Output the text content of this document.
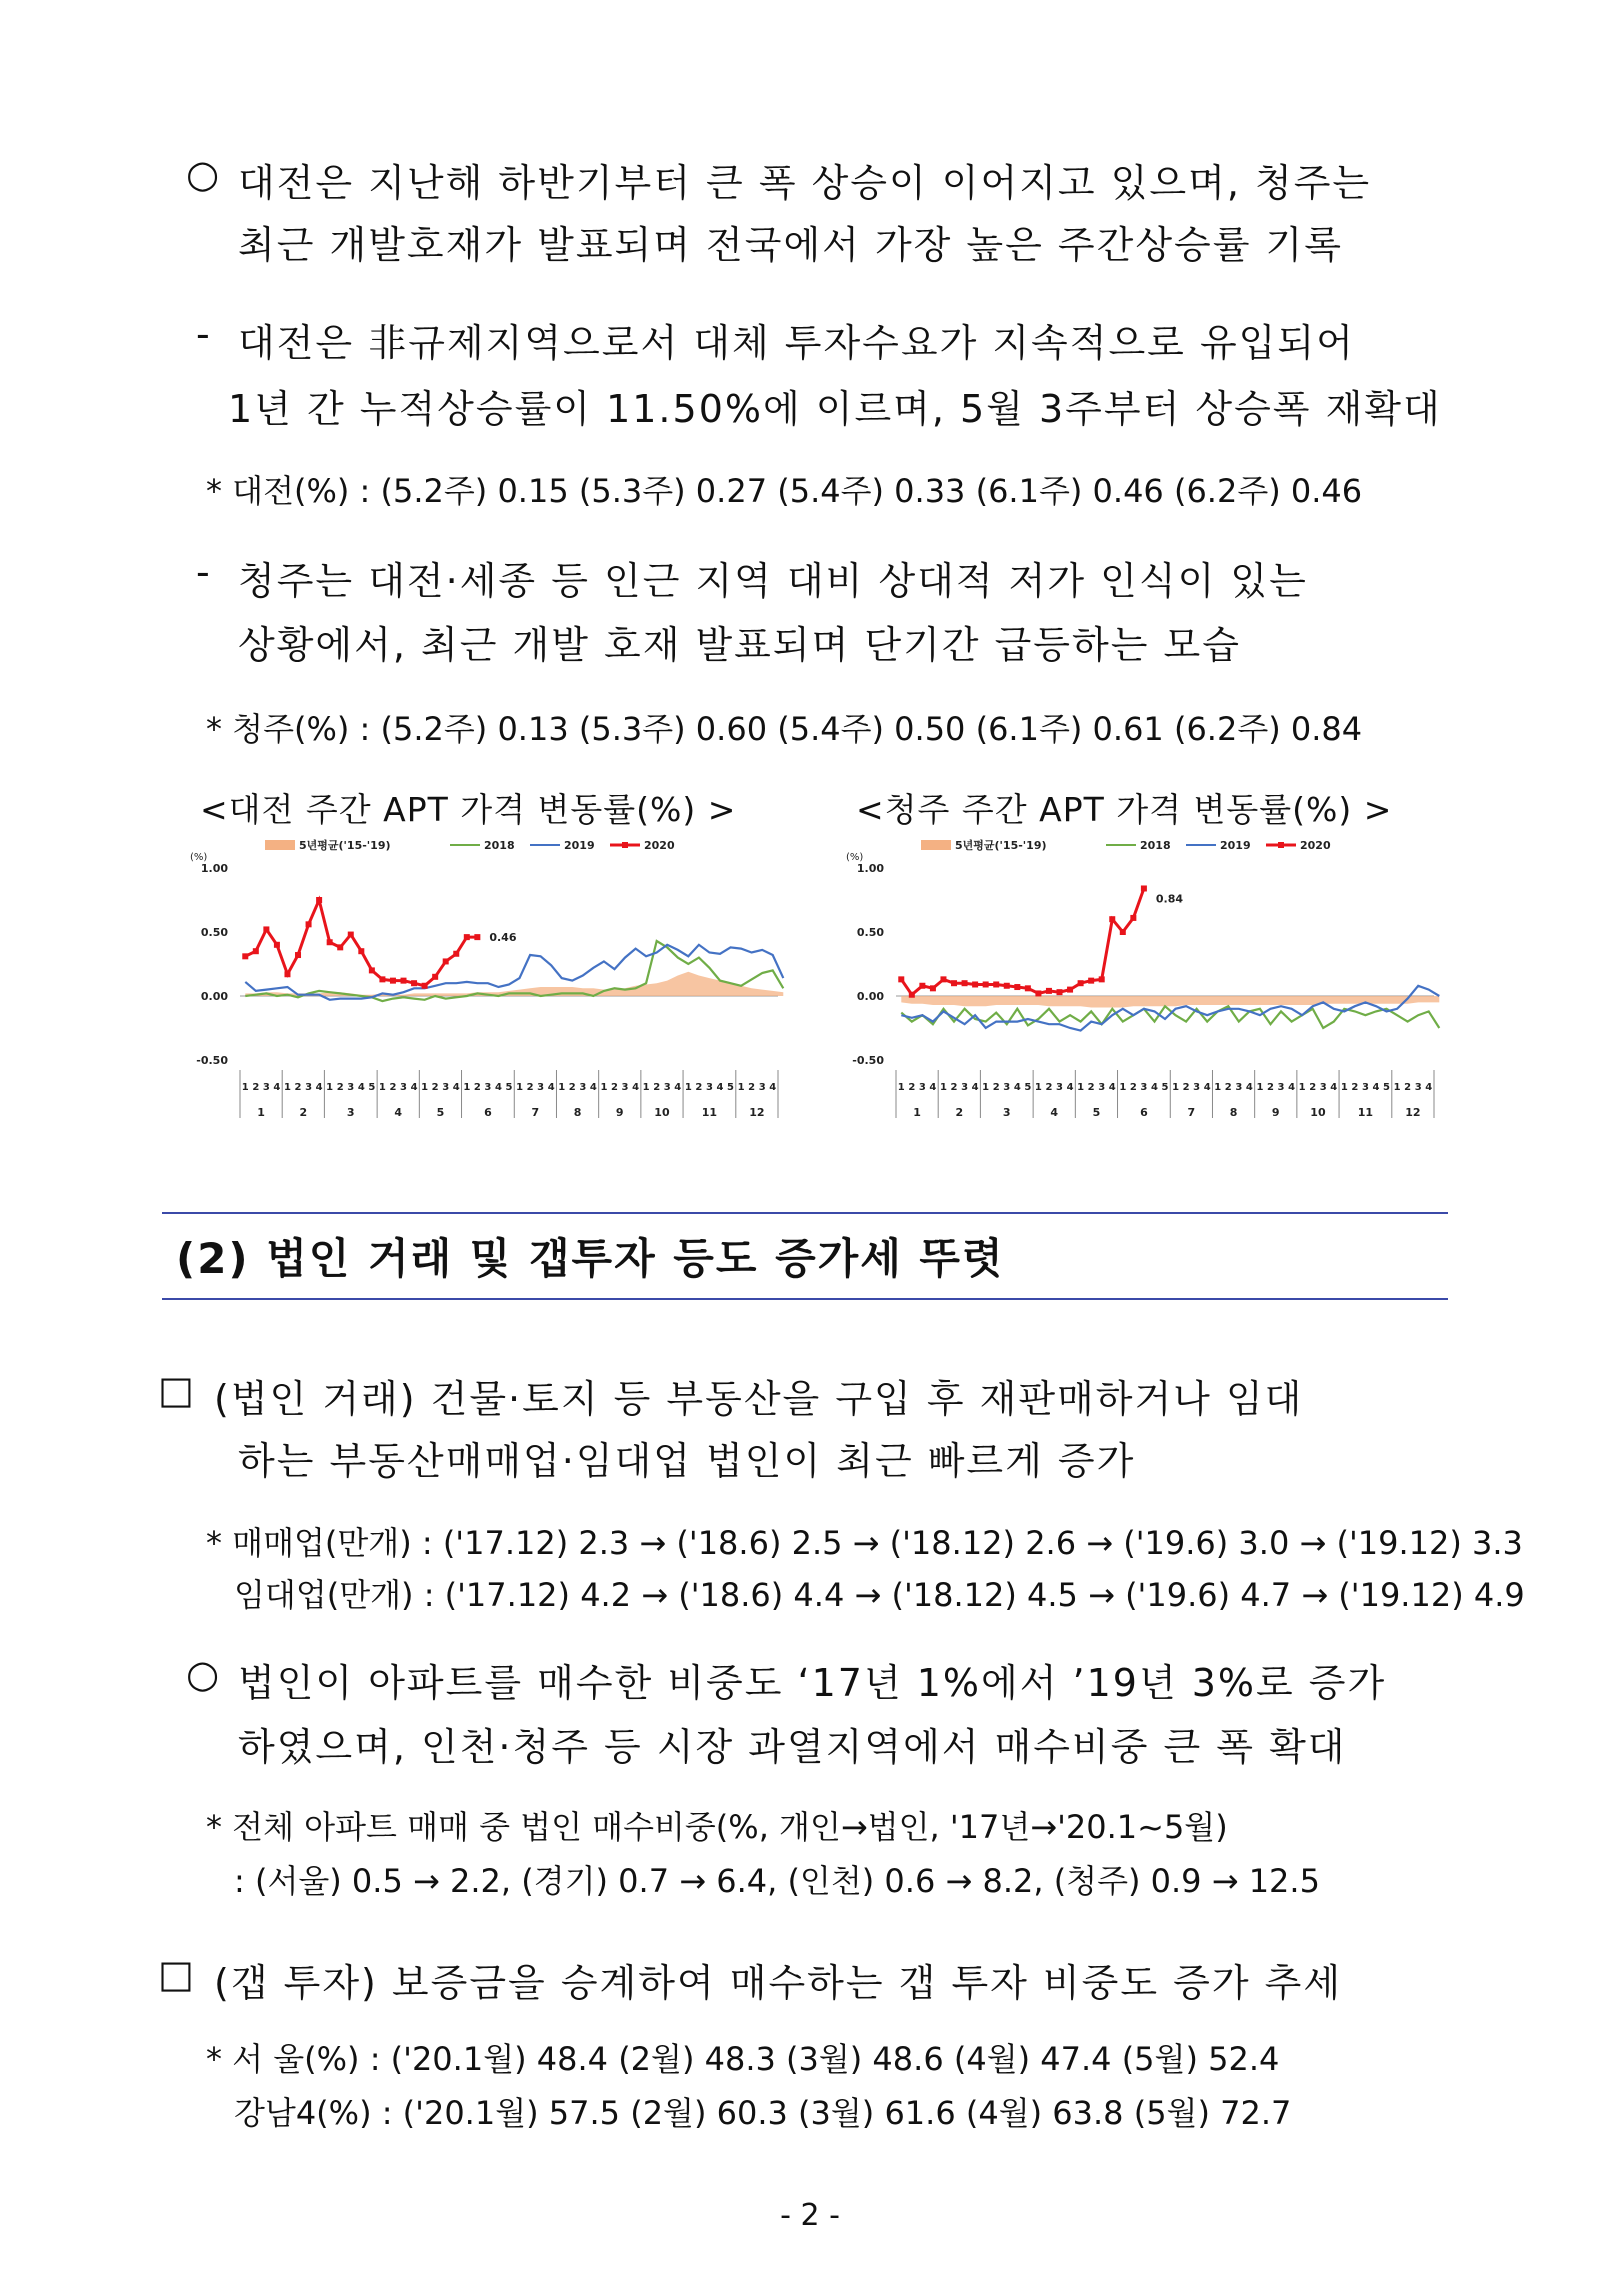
○ 대전은 지난해 하반기부터 큰 폭 상승이 이어지고 있으며, 청주는
최근 개발호재가 발표되며 전국에서 가장 높은 주간상승률 기록
- 대전은 非규제지역으로서 대체 투자수요가 지속적으로 유입되어
1년 간 누적상승률이 11.50%에 이르며, 5월 3주부터 상승폭 재확대
* 대전(%) : (5.2주) 0.15 (5.3주) 0.27 (5.4주) 0.33 (6.1주) 0.46 (6.2주) 0.46
- 청주는 대전·세종 등 인근 지역 대비 상대적 저가 인식이 있는
상황에서, 최근 개발 호재 발표되며 단기간 급등하는 모습
* 청주(%) : (5.2주) 0.13 (5.3주) 0.60 (5.4주) 0.50 (6.1주) 0.61 (6.2주) 0.84
<대전 주간 APT 가격 변동률(%) >	<청주 주간 APT 가격 변동률(%) >
1.00
0.50
0.00
-0.50
(%)
0.46
5년평균('15-'19)	2018	2019	2020
1 2 3 4
1
1 2 3 4
2
1 2 3 4 5
3
1 2 3 4
4
1 2 3 4
5
1 2 3 4 5
6
1 2 3 4
7
1 2 3 4
8
1 2 3 4
9
1 2 3 4
10
1 2 3 4 5
11
1 2 3 4
12
1.00
0.50
0.00
-0.50
(%)
0.84
5년평균('15-'19)	2018	2019	2020
1 2 3 4
1
1 2 3 4
2
1 2 3 4 5
3
1 2 3 4
4
1 2 3 4
5
1 2 3 4 5
6
1 2 3 4
7
1 2 3 4
8
1 2 3 4
9
1 2 3 4
10
1 2 3 4 5
11
1 2 3 4
12
(2) 법인 거래 및 갭투자 등도 증가세 뚜렷
□ (법인 거래) 건물·토지 등 부동산을 구입 후 재판매하거나 임대
하는 부동산매매업·임대업 법인이 최근 빠르게 증가
* 매매업(만개) : ('17.12) 2.3 → ('18.6) 2.5 → ('18.12) 2.6 → ('19.6) 3.0 → ('19.12) 3.3
임대업(만개) : ('17.12) 4.2 → ('18.6) 4.4 → ('18.12) 4.5 → ('19.6) 4.7 → ('19.12) 4.9
○ 법인이 아파트를 매수한 비중도 ‘17년 1%에서 ’19년 3%로 증가
하였으며, 인천·청주 등 시장 과열지역에서 매수비중 큰 폭 확대
* 전체 아파트 매매 중 법인 매수비중(%, 개인→법인, '17년→'20.1~5월)
: (서울) 0.5 → 2.2, (경기) 0.7 → 6.4, (인천) 0.6 → 8.2, (청주) 0.9 → 12.5
□ (갭 투자) 보증금을 승계하여 매수하는 갭 투자 비중도 증가 추세
* 서 울(%) : ('20.1월) 48.4 (2월) 48.3 (3월) 48.6 (4월) 47.4 (5월) 52.4
강남4(%) : ('20.1월) 57.5 (2월) 60.3 (3월) 61.6 (4월) 63.8 (5월) 72.7
- 2 -
